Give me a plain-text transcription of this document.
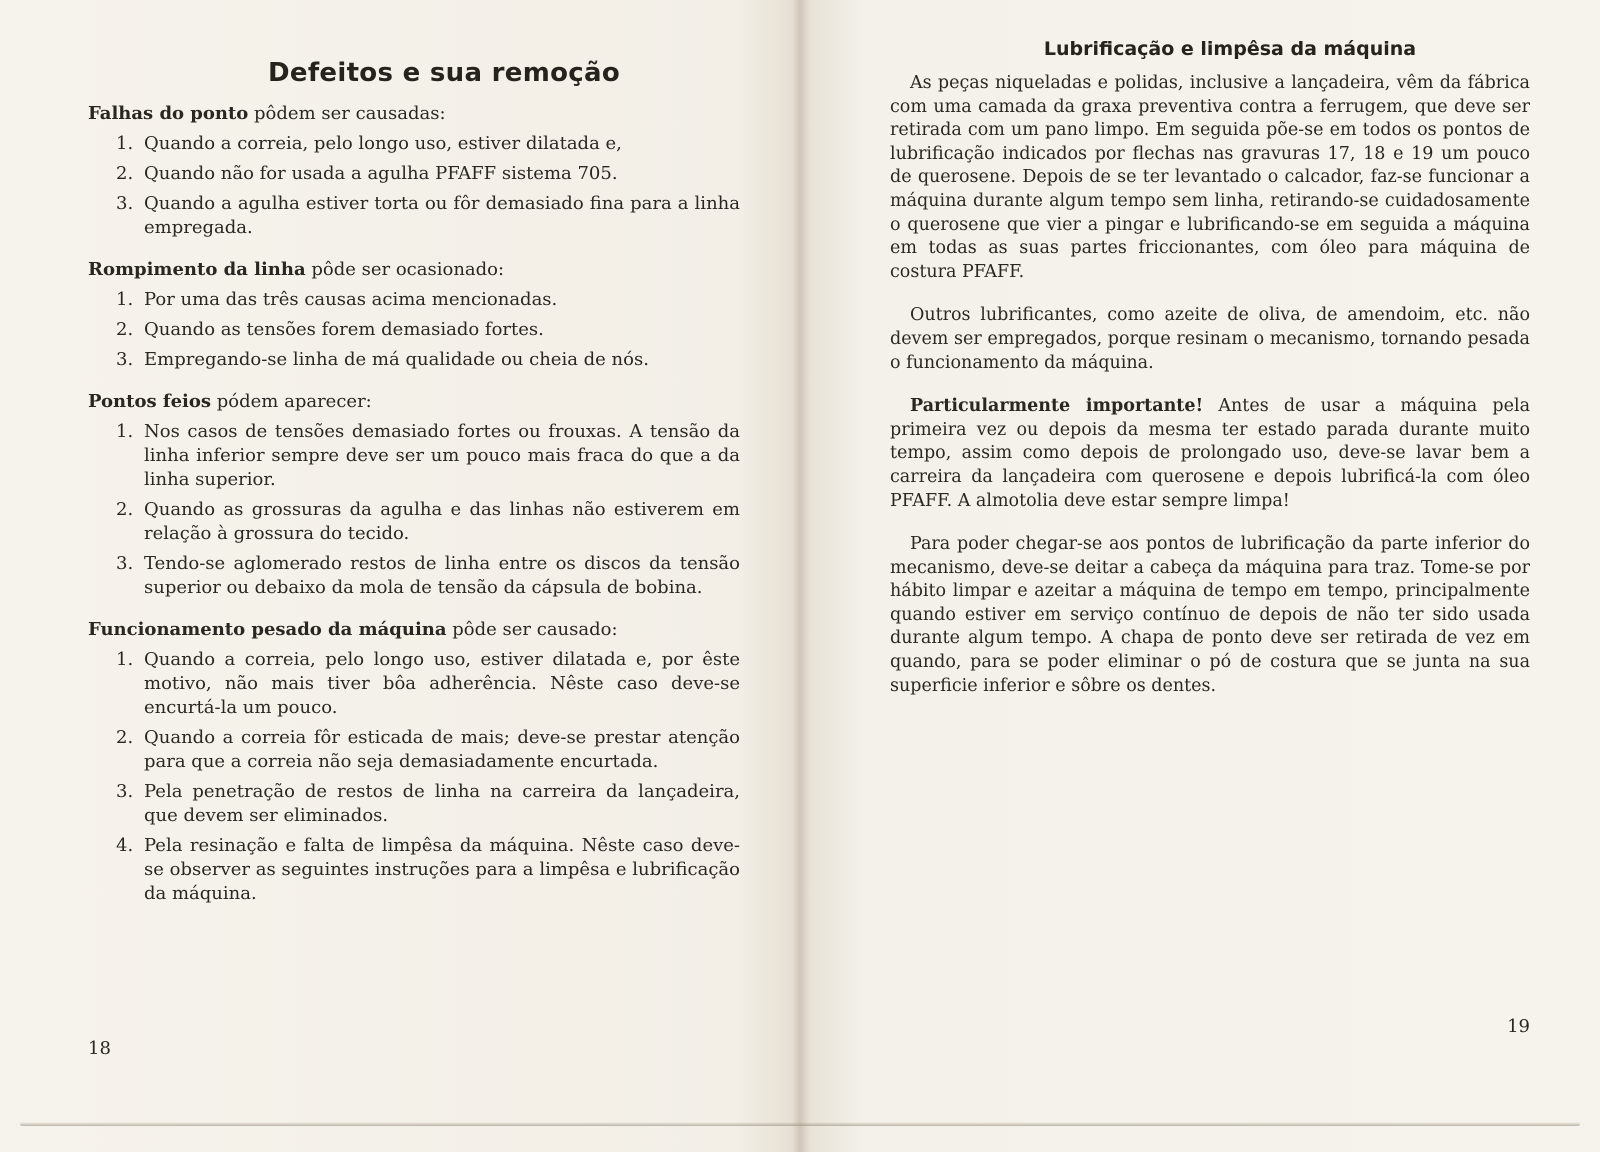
Defeitos e sua remoção

Falhas do ponto pôdem ser causadas:

1. Quando a correia, pelo longo uso, estiver dilatada e,
2. Quando não for usada a agulha PFAFF sistema 705.
3. Quando a agulha estiver torta ou fôr demasiado fina para a linha empregada.

Rompimento da linha pôde ser ocasionado:

1. Por uma das três causas acima mencionadas.
2. Quando as tensões forem demasiado fortes.
3. Empregando-se linha de má qualidade ou cheia de nós.

Pontos feios pódem aparecer:

1. Nos casos de tensões demasiado fortes ou frouxas. A tensão da linha inferior sempre deve ser um pouco mais fraca do que a da linha superior.
2. Quando as grossuras da agulha e das linhas não estiverem em relação à grossura do tecido.
3. Tendo-se aglomerado restos de linha entre os discos da tensão superior ou debaixo da mola de tensão da cápsula de bobina.

Funcionamento pesado da máquina pôde ser causado:

1. Quando a correia, pelo longo uso, estiver dilatada e, por êste motivo, não mais tiver bôa adherência. Nêste caso deve-se encurtá-la um pouco.
2. Quando a correia fôr esticada de mais; deve-se prestar atenção para que a correia não seja demasiadamente encurtada.
3. Pela penetração de restos de linha na carreira da lançadeira, que devem ser eliminados.
4. Pela resinação e falta de limpêsa da máquina. Nêste caso deve-se observer as seguintes instruções para a limpêsa e lubrificação da máquina.
18
Lubrificação e limpêsa da máquina

As peças niqueladas e polidas, inclusive a lançadeira, vêm da fábrica com uma camada da graxa preventiva contra a ferrugem, que deve ser retirada com um pano limpo. Em seguida põe-se em todos os pontos de lubrificação indicados por flechas nas gravuras 17, 18 e 19 um pouco de querosene. Depois de se ter levantado o calcador, faz-se funcionar a máquina durante algum tempo sem linha, retirando-se cuidadosamente o querosene que vier a pingar e lubrificando-se em seguida a máquina em todas as suas partes friccionantes, com óleo para máquina de costura PFAFF.

Outros lubrificantes, como azeite de oliva, de amendoim, etc. não devem ser empregados, porque resinam o mecanismo, tornando pesada o funcionamento da máquina.

Particularmente importante! Antes de usar a máquina pela primeira vez ou depois da mesma ter estado parada durante muito tempo, assim como depois de prolongado uso, deve-se lavar bem a carreira da lançadeira com querosene e depois lubrificá-la com óleo PFAFF. A almotolia deve estar sempre limpa!

Para poder chegar-se aos pontos de lubrificação da parte inferior do mecanismo, deve-se deitar a cabeça da máquina para traz. Tome-se por hábito limpar e azeitar a máquina de tempo em tempo, principalmente quando estiver em serviço contínuo de depois de não ter sido usada durante algum tempo. A chapa de ponto deve ser retirada de vez em quando, para se poder eliminar o pó de costura que se junta na sua superficie inferior e sôbre os dentes.

19
